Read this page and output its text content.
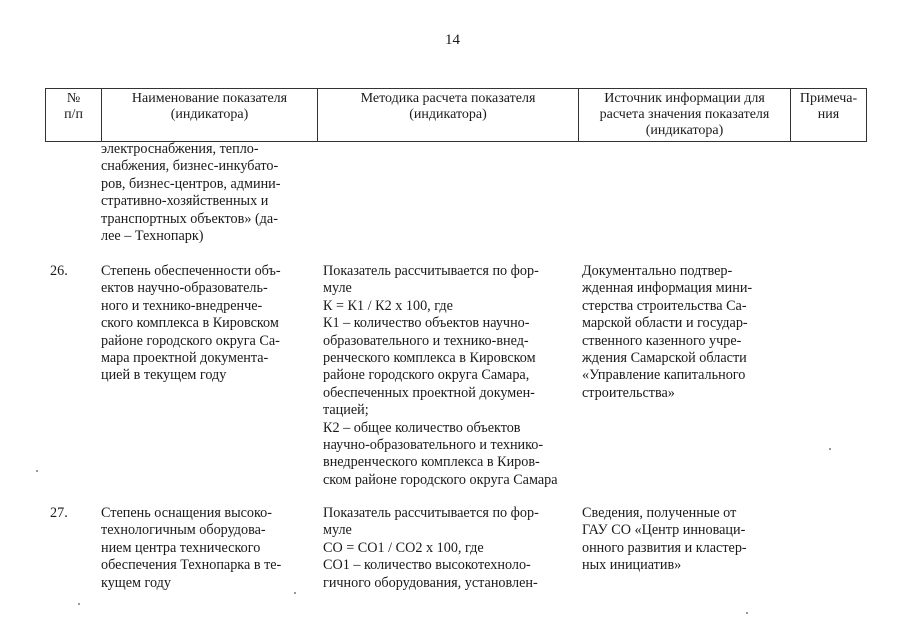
14
№
п/п
Наименование показателя
(индикатора)
Методика расчета показателя
(индикатора)
Источник информации для
расчета значения показателя
(индикатора)
Примеча-
ния
электроснабжения, тепло-
снабжения, бизнес-инкубато-
ров, бизнес-центров, админи-
стративно-хозяйственных и
транспортных объектов» (да-
лее – Технопарк)
26.	Степень обеспеченности объ-
ектов научно-образователь-
ного и технико-внедренче-
ского комплекса в Кировском
районе городского округа Са-
мара проектной документа-
цией в текущем году
Показатель рассчитывается по фор-
муле
К = К1 / К2 х 100, где
К1 – количество объектов научно-
образовательного и технико-внед-
ренческого комплекса в Кировском
районе городского округа Самара,
обеспеченных проектной докумен-
тацией;
К2 – общее количество объектов
научно-образовательного и технико-
внедренческого комплекса в Киров-
ском районе городского округа Самара
Документально подтвер-
жденная информация мини-
стерства строительства Са-
марской области и государ-
ственного казенного учре-
ждения Самарской области
«Управление капитального
строительства»
27.	Степень оснащения высоко-
технологичным оборудова-
нием центра технического
обеспечения Технопарка в те-
кущем году
Показатель рассчитывается по фор-
муле
СО = СО1 / СО2 х 100, где
СО1 – количество высокотехноло-
гичного оборудования, установлен-
Сведения, полученные от
ГАУ СО «Центр инноваци-
онного развития и кластер-
ных инициатив»
